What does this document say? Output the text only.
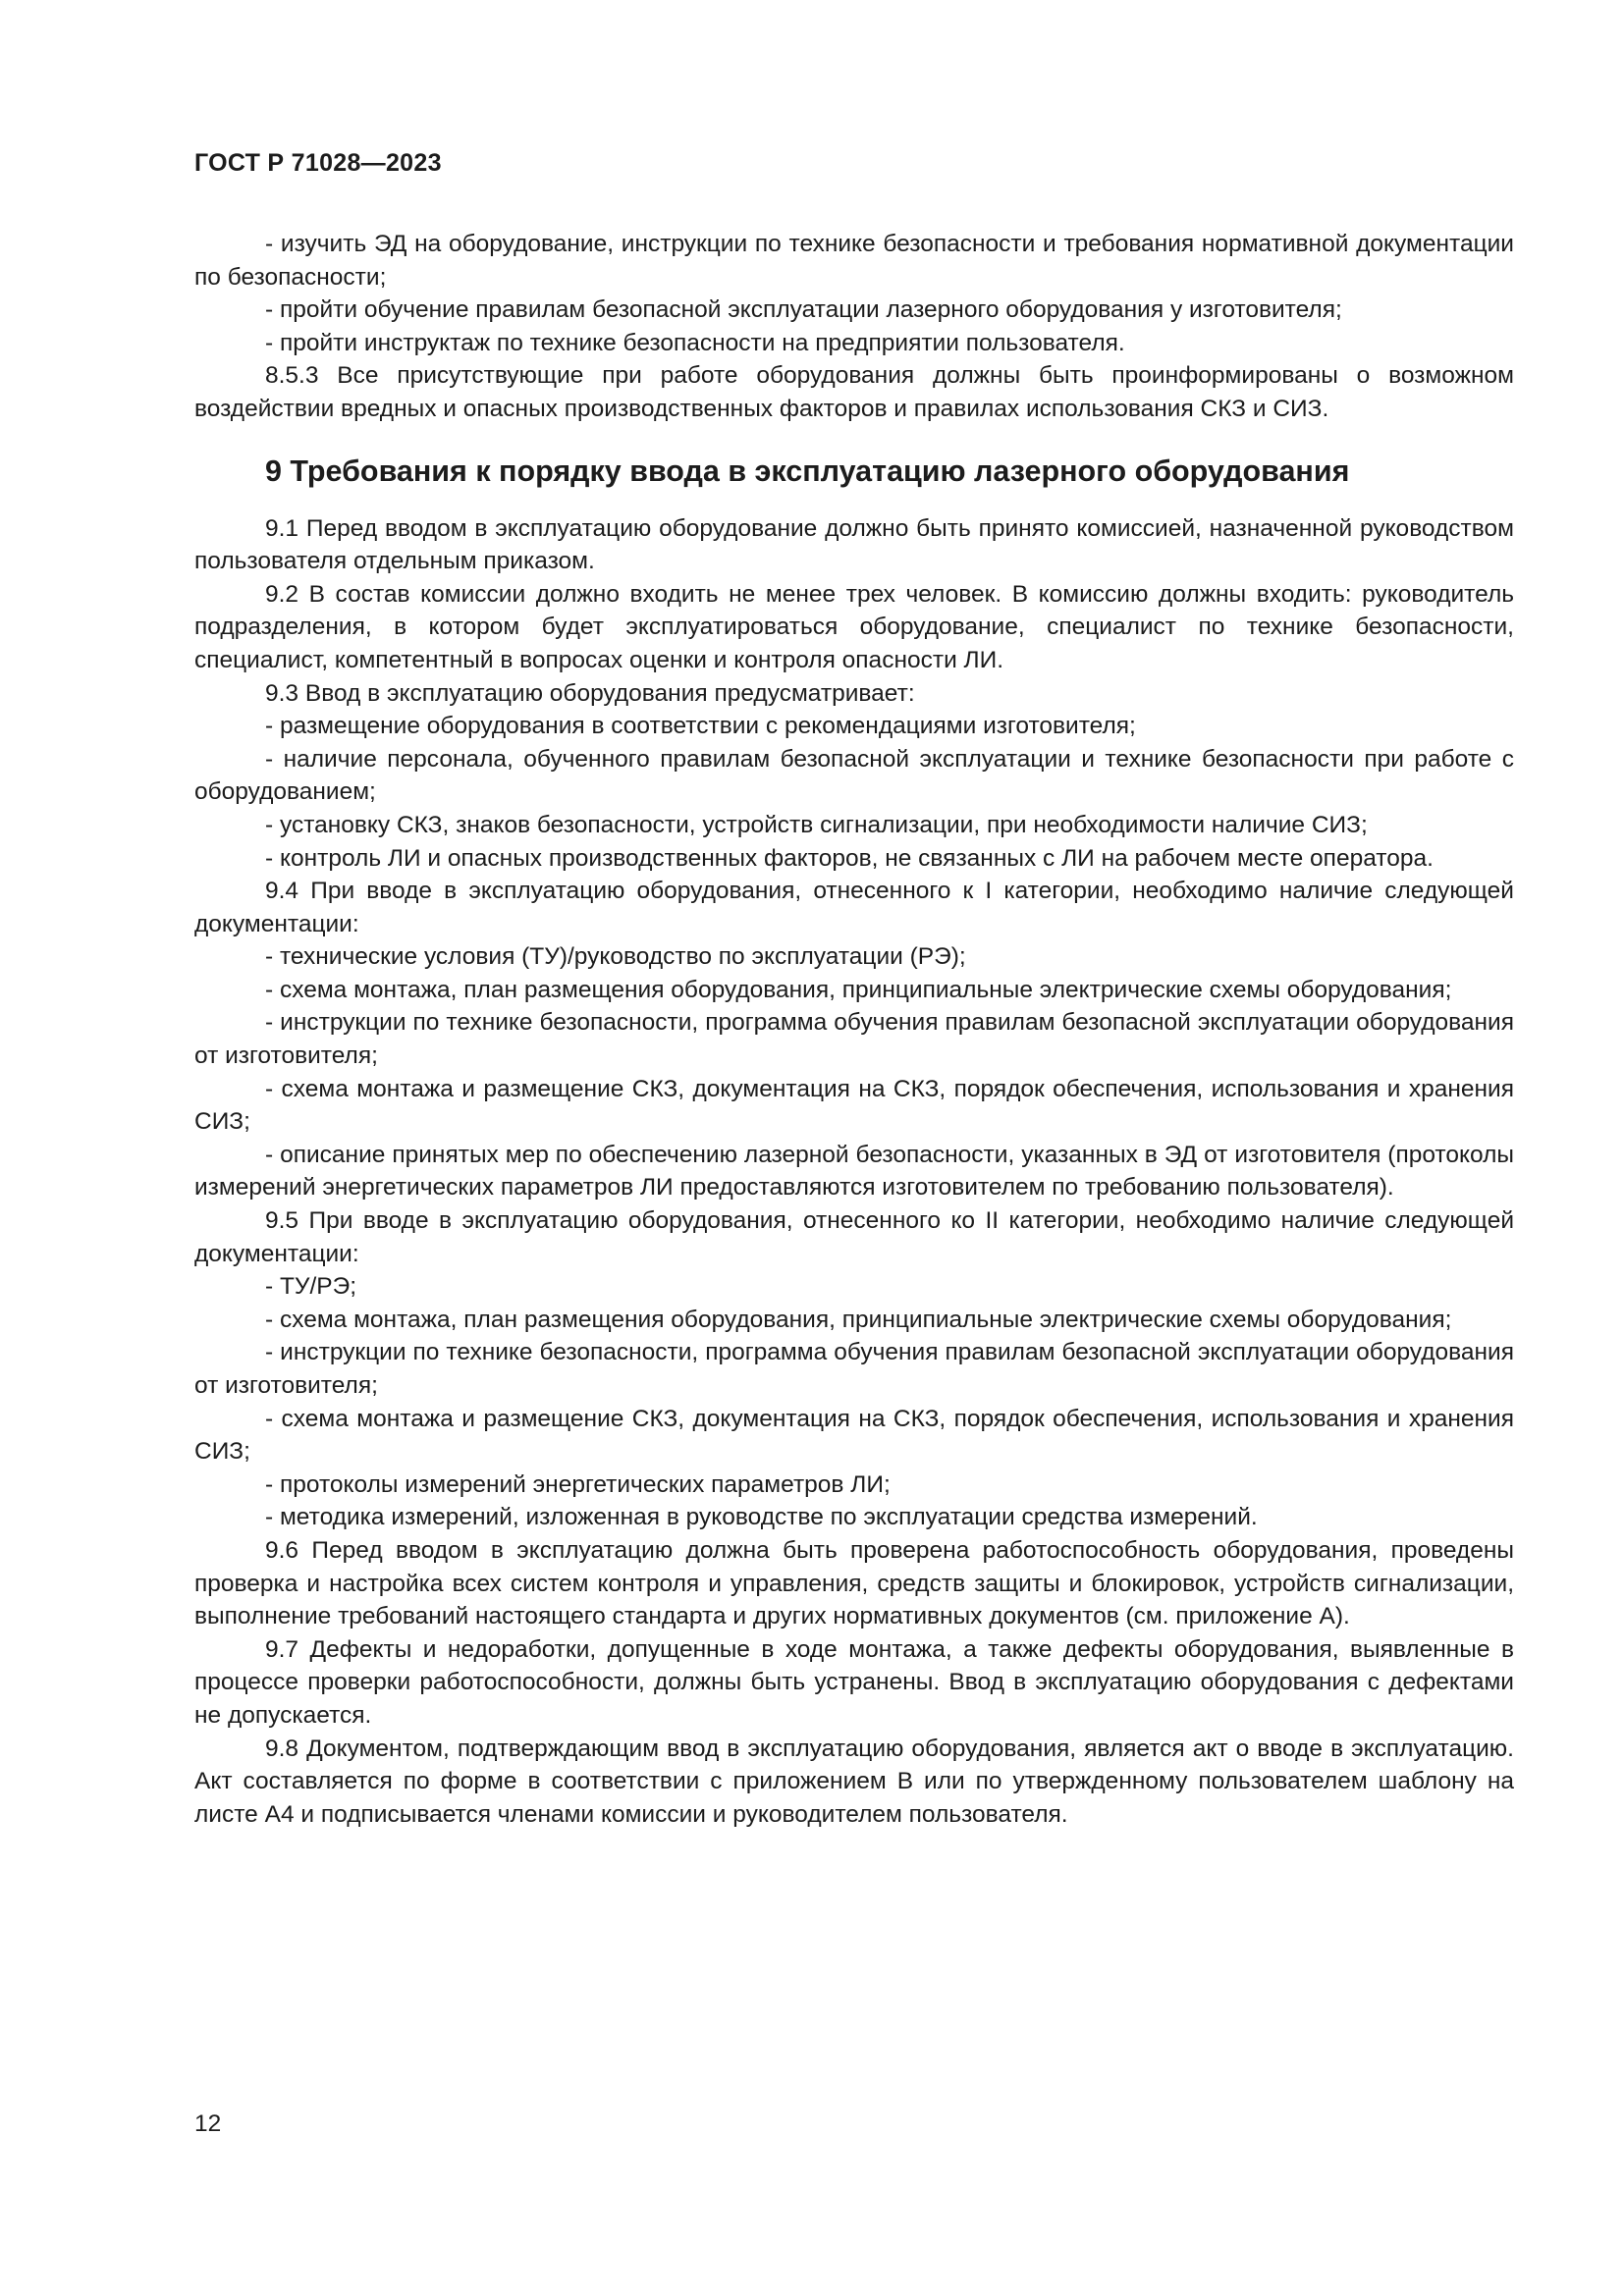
ГОСТ Р 71028—2023

- изучить ЭД на оборудование, инструкции по технике безопасности и требования нормативной документации по безопасности;

- пройти обучение правилам безопасной эксплуатации лазерного оборудования у изготовителя;

- пройти инструктаж по технике безопасности на предприятии пользователя.

8.5.3 Все присутствующие при работе оборудования должны быть проинформированы о возможном воздействии вредных и опасных производственных факторов и правилах использования СКЗ и СИЗ.

9 Требования к порядку ввода в эксплуатацию лазерного оборудования

9.1 Перед вводом в эксплуатацию оборудование должно быть принято комиссией, назначенной руководством пользователя отдельным приказом.

9.2 В состав комиссии должно входить не менее трех человек. В комиссию должны входить: руководитель подразделения, в котором будет эксплуатироваться оборудование, специалист по технике безопасности, специалист, компетентный в вопросах оценки и контроля опасности ЛИ.

9.3 Ввод в эксплуатацию оборудования предусматривает:

- размещение оборудования в соответствии с рекомендациями изготовителя;

- наличие персонала, обученного правилам безопасной эксплуатации и технике безопасности при работе с оборудованием;

- установку СКЗ, знаков безопасности, устройств сигнализации, при необходимости наличие СИЗ;

- контроль ЛИ и опасных производственных факторов, не связанных с ЛИ на рабочем месте оператора.

9.4 При вводе в эксплуатацию оборудования, отнесенного к I категории, необходимо наличие следующей документации:

- технические условия (ТУ)/руководство по эксплуатации (РЭ);

- схема монтажа, план размещения оборудования, принципиальные электрические схемы оборудования;

- инструкции по технике безопасности, программа обучения правилам безопасной эксплуатации оборудования от изготовителя;

- схема монтажа и размещение СКЗ, документация на СКЗ, порядок обеспечения, использования и хранения СИЗ;

- описание принятых мер по обеспечению лазерной безопасности, указанных в ЭД от изготовителя (протоколы измерений энергетических параметров ЛИ предоставляются изготовителем по требованию пользователя).

9.5 При вводе в эксплуатацию оборудования, отнесенного ко II категории, необходимо наличие следующей документации:

- ТУ/РЭ;

- схема монтажа, план размещения оборудования, принципиальные электрические схемы оборудования;

- инструкции по технике безопасности, программа обучения правилам безопасной эксплуатации оборудования от изготовителя;

- схема монтажа и размещение СКЗ, документация на СКЗ, порядок обеспечения, использования и хранения СИЗ;

- протоколы измерений энергетических параметров ЛИ;

- методика измерений, изложенная в руководстве по эксплуатации средства измерений.

9.6 Перед вводом в эксплуатацию должна быть проверена работоспособность оборудования, проведены проверка и настройка всех систем контроля и управления, средств защиты и блокировок, устройств сигнализации, выполнение требований настоящего стандарта и других нормативных документов (см. приложение А).

9.7 Дефекты и недоработки, допущенные в ходе монтажа, а также дефекты оборудования, выявленные в процессе проверки работоспособности, должны быть устранены. Ввод в эксплуатацию оборудования с дефектами не допускается.

9.8 Документом, подтверждающим ввод в эксплуатацию оборудования, является акт о вводе в эксплуатацию. Акт составляется по форме в соответствии с приложением В или по утвержденному пользователем шаблону на листе А4 и подписывается членами комиссии и руководителем пользователя.

12
